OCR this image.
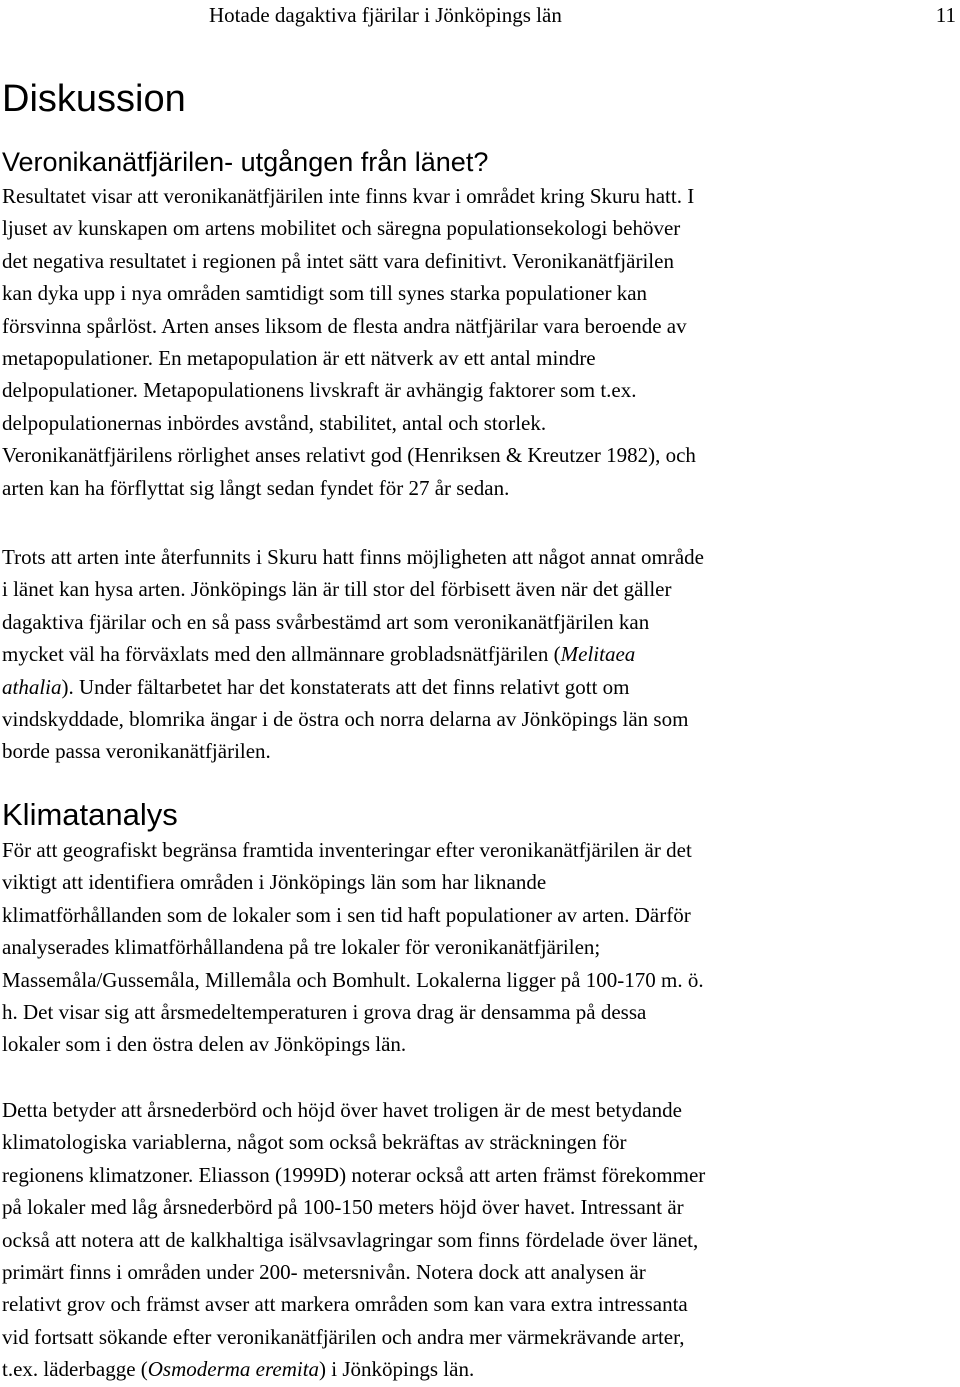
Hotade dagaktiva fjärilar i Jönköpings län	11
Diskussion
Veronikanätfjärilen- utgången från länet?

Resultatet visar att veronikanätfjärilen inte finns kvar i området kring Skuru hatt. I
ljuset av kunskapen om artens mobilitet och säregna populationsekologi behöver
det negativa resultatet i regionen på intet sätt vara definitivt. Veronikanätfjärilen
kan dyka upp i nya områden samtidigt som till synes starka populationer kan
försvinna spårlöst. Arten anses liksom de flesta andra nätfjärilar vara beroende av
metapopulationer. En metapopulation är ett nätverk av ett antal mindre
delpopulationer. Metapopulationens livskraft är avhängig faktorer som t.ex.
delpopulationernas inbördes avstånd, stabilitet, antal och storlek.
Veronikanätfjärilens rörlighet anses relativt god (Henriksen & Kreutzer 1982), och
arten kan ha förflyttat sig långt sedan fyndet för 27 år sedan.

Trots att arten inte återfunnits i Skuru hatt finns möjligheten att något annat område
i länet kan hysa arten. Jönköpings län är till stor del förbisett även när det gäller
dagaktiva fjärilar och en så pass svårbestämd art som veronikanätfjärilen kan
mycket väl ha förväxlats med den allmännare grobladsnätfjärilen (Melitaea
athalia). Under fältarbetet har det konstaterats att det finns relativt gott om
vindskyddade, blomrika ängar i de östra och norra delarna av Jönköpings län som
borde passa veronikanätfjärilen.

Klimatanalys

För att geografiskt begränsa framtida inventeringar efter veronikanätfjärilen är det
viktigt att identifiera områden i Jönköpings län som har liknande
klimatförhållanden som de lokaler som i sen tid haft populationer av arten. Därför
analyserades klimatförhållandena på tre lokaler för veronikanätfjärilen;
Massemåla/Gussemåla, Millemåla och Bomhult. Lokalerna ligger på 100-170 m. ö.
h. Det visar sig att årsmedeltemperaturen i grova drag är densamma på dessa
lokaler som i den östra delen av Jönköpings län.

Detta betyder att årsnederbörd och höjd över havet troligen är de mest betydande
klimatologiska variablerna, något som också bekräftas av sträckningen för
regionens klimatzoner. Eliasson (1999D) noterar också att arten främst förekommer
på lokaler med låg årsnederbörd på 100-150 meters höjd över havet. Intressant är
också att notera att de kalkhaltiga isälvsavlagringar som finns fördelade över länet,
primärt finns i områden under 200- metersnivån. Notera dock att analysen är
relativt grov och främst avser att markera områden som kan vara extra intressanta
vid fortsatt sökande efter veronikanätfjärilen och andra mer värmekrävande arter,
t.ex. läderbagge (Osmoderma eremita) i Jönköpings län.
